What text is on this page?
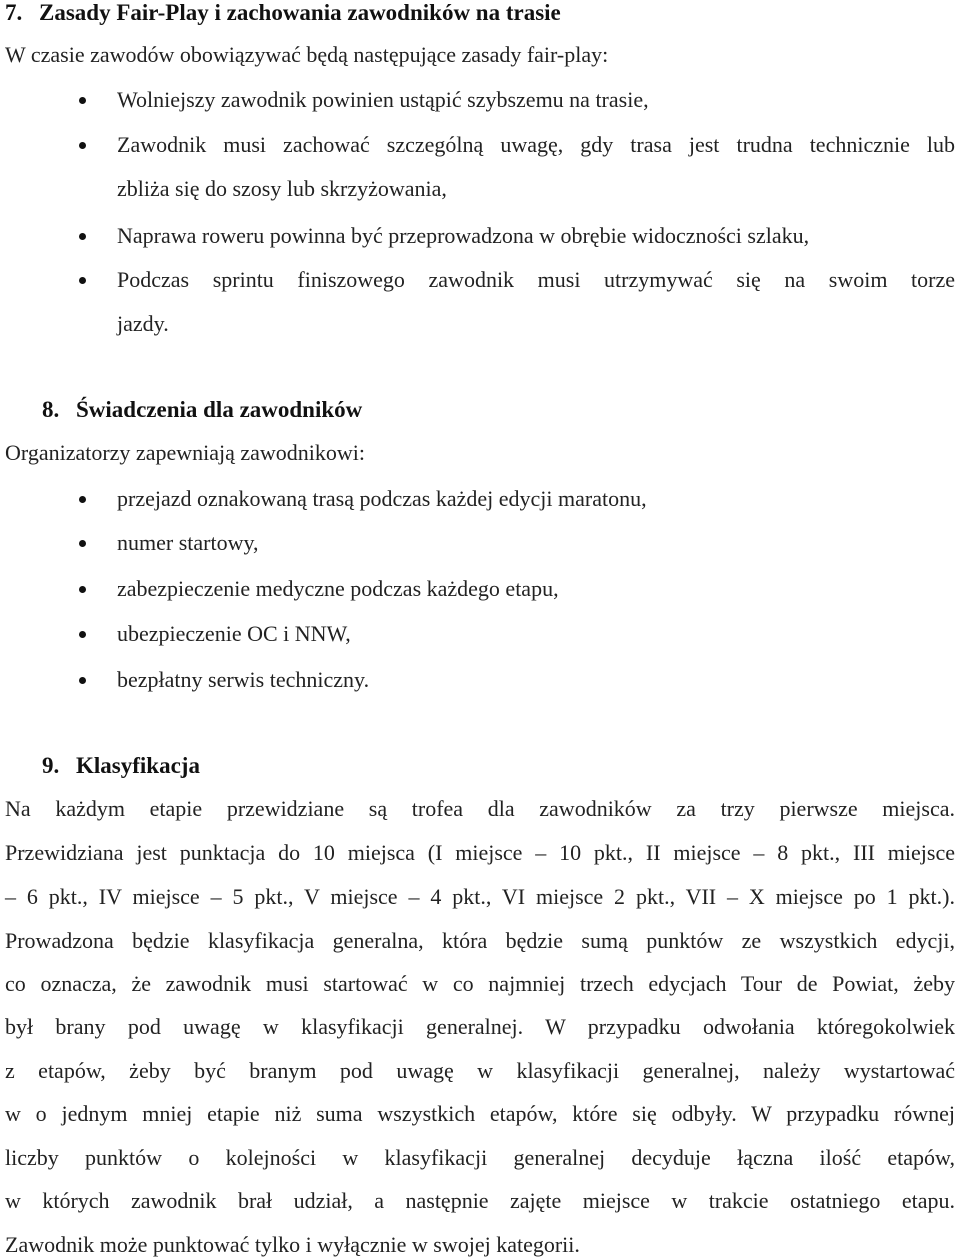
7. Zasady Fair-Play i zachowania zawodników na trasie
W czasie zawodów obowiązywać będą następujące zasady fair-play:
Wolniejszy zawodnik powinien ustąpić szybszemu na trasie,
Zawodnik musi zachować szczególną uwagę, gdy trasa jest trudna technicznie lub
zbliża się do szosy lub skrzyżowania,
Naprawa roweru powinna być przeprowadzona w obrębie widoczności szlaku,
Podczas sprintu finiszowego zawodnik musi utrzymywać się na swoim torze
jazdy.
8. Świadczenia dla zawodników
Organizatorzy zapewniają zawodnikowi:
przejazd oznakowaną trasą podczas każdej edycji maratonu,
numer startowy,
zabezpieczenie medyczne podczas każdego etapu,
ubezpieczenie OC i NNW,
bezpłatny serwis techniczny.
9. Klasyfikacja
Na każdym etapie przewidziane są trofea dla zawodników za trzy pierwsze miejsca.
Przewidziana jest punktacja do 10 miejsca (I miejsce – 10 pkt., II miejsce – 8 pkt., III miejsce
– 6 pkt., IV miejsce – 5 pkt., V miejsce – 4 pkt., VI miejsce 2 pkt., VII – X miejsce po 1 pkt.).
Prowadzona będzie klasyfikacja generalna, która będzie sumą punktów ze wszystkich edycji,
co oznacza, że zawodnik musi startować w co najmniej trzech edycjach Tour de Powiat, żeby
był brany pod uwagę w klasyfikacji generalnej. W przypadku odwołania któregokolwiek
z etapów, żeby być branym pod uwagę w klasyfikacji generalnej, należy wystartować
w o jednym mniej etapie niż suma wszystkich etapów, które się odbyły. W przypadku równej
liczby punktów o kolejności w klasyfikacji generalnej decyduje łączna ilość etapów,
w których zawodnik brał udział, a następnie zajęte miejsce w trakcie ostatniego etapu.
Zawodnik może punktować tylko i wyłącznie w swojej kategorii.
